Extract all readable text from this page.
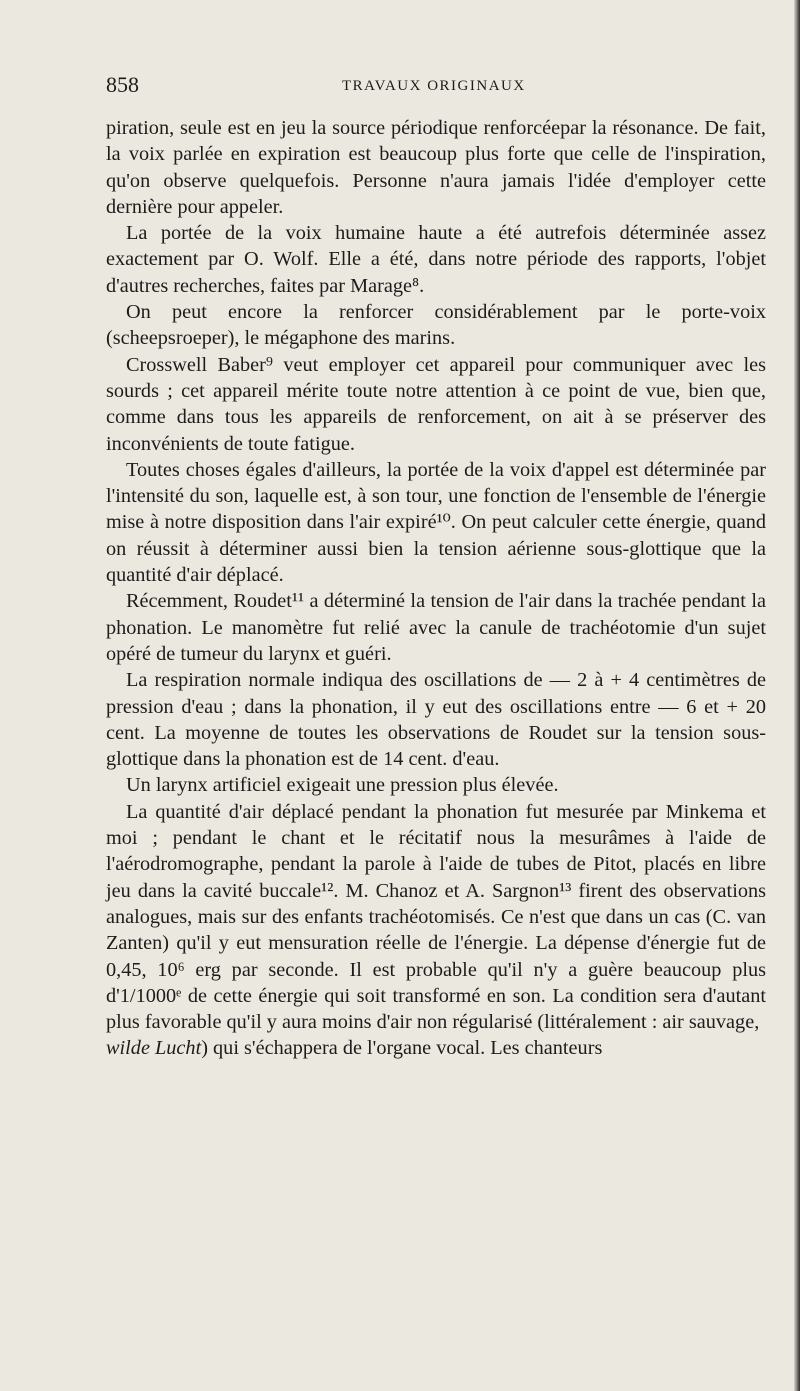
858	TRAVAUX ORIGINAUX

piration, seule est en jeu la source périodique renforcéepar la résonance. De fait, la voix parlée en expiration est beaucoup plus forte que celle de l'inspiration, qu'on observe quelquefois. Personne n'aura jamais l'idée d'employer cette dernière pour appeler.

La portée de la voix humaine haute a été autrefois déterminée assez exactement par O. Wolf. Elle a été, dans notre période des rapports, l'objet d'autres recherches, faites par Marage⁸.

On peut encore la renforcer considérablement par le porte-voix (scheepsroeper), le mégaphone des marins.

Crosswell Baber⁹ veut employer cet appareil pour communiquer avec les sourds ; cet appareil mérite toute notre attention à ce point de vue, bien que, comme dans tous les appareils de renforcement, on ait à se préserver des inconvénients de toute fatigue.

Toutes choses égales d'ailleurs, la portée de la voix d'appel est déterminée par l'intensité du son, laquelle est, à son tour, une fonction de l'ensemble de l'énergie mise à notre disposition dans l'air expiré¹⁰. On peut calculer cette énergie, quand on réussit à déterminer aussi bien la tension aérienne sous-glottique que la quantité d'air déplacé.

Récemment, Roudet¹¹ a déterminé la tension de l'air dans la trachée pendant la phonation. Le manomètre fut relié avec la canule de trachéotomie d'un sujet opéré de tumeur du larynx et guéri.

La respiration normale indiqua des oscillations de — 2 à + 4 centimètres de pression d'eau ; dans la phonation, il y eut des oscillations entre — 6 et + 20 cent. La moyenne de toutes les observations de Roudet sur la tension sous-glottique dans la phonation est de 14 cent. d'eau.

Un larynx artificiel exigeait une pression plus élevée.

La quantité d'air déplacé pendant la phonation fut mesurée par Minkema et moi ; pendant le chant et le récitatif nous la mesurâmes à l'aide de l'aérodromographe, pendant la parole à l'aide de tubes de Pitot, placés en libre jeu dans la cavité buccale¹². M. Chanoz et A. Sargnon¹³ firent des observations analogues, mais sur des enfants trachéotomisés. Ce n'est que dans un cas (C. van Zanten) qu'il y eut mensuration réelle de l'énergie. La dépense d'énergie fut de 0,45, 10⁶ erg par seconde. Il est probable qu'il n'y a guère beaucoup plus d'1/1000ᵉ de cette énergie qui soit transformé en son. La condition sera d'autant plus favorable qu'il y aura moins d'air non régularisé (littéralement : air sauvage,

wilde Lucht) qui s'échappera de l'organe vocal. Les chanteurs
